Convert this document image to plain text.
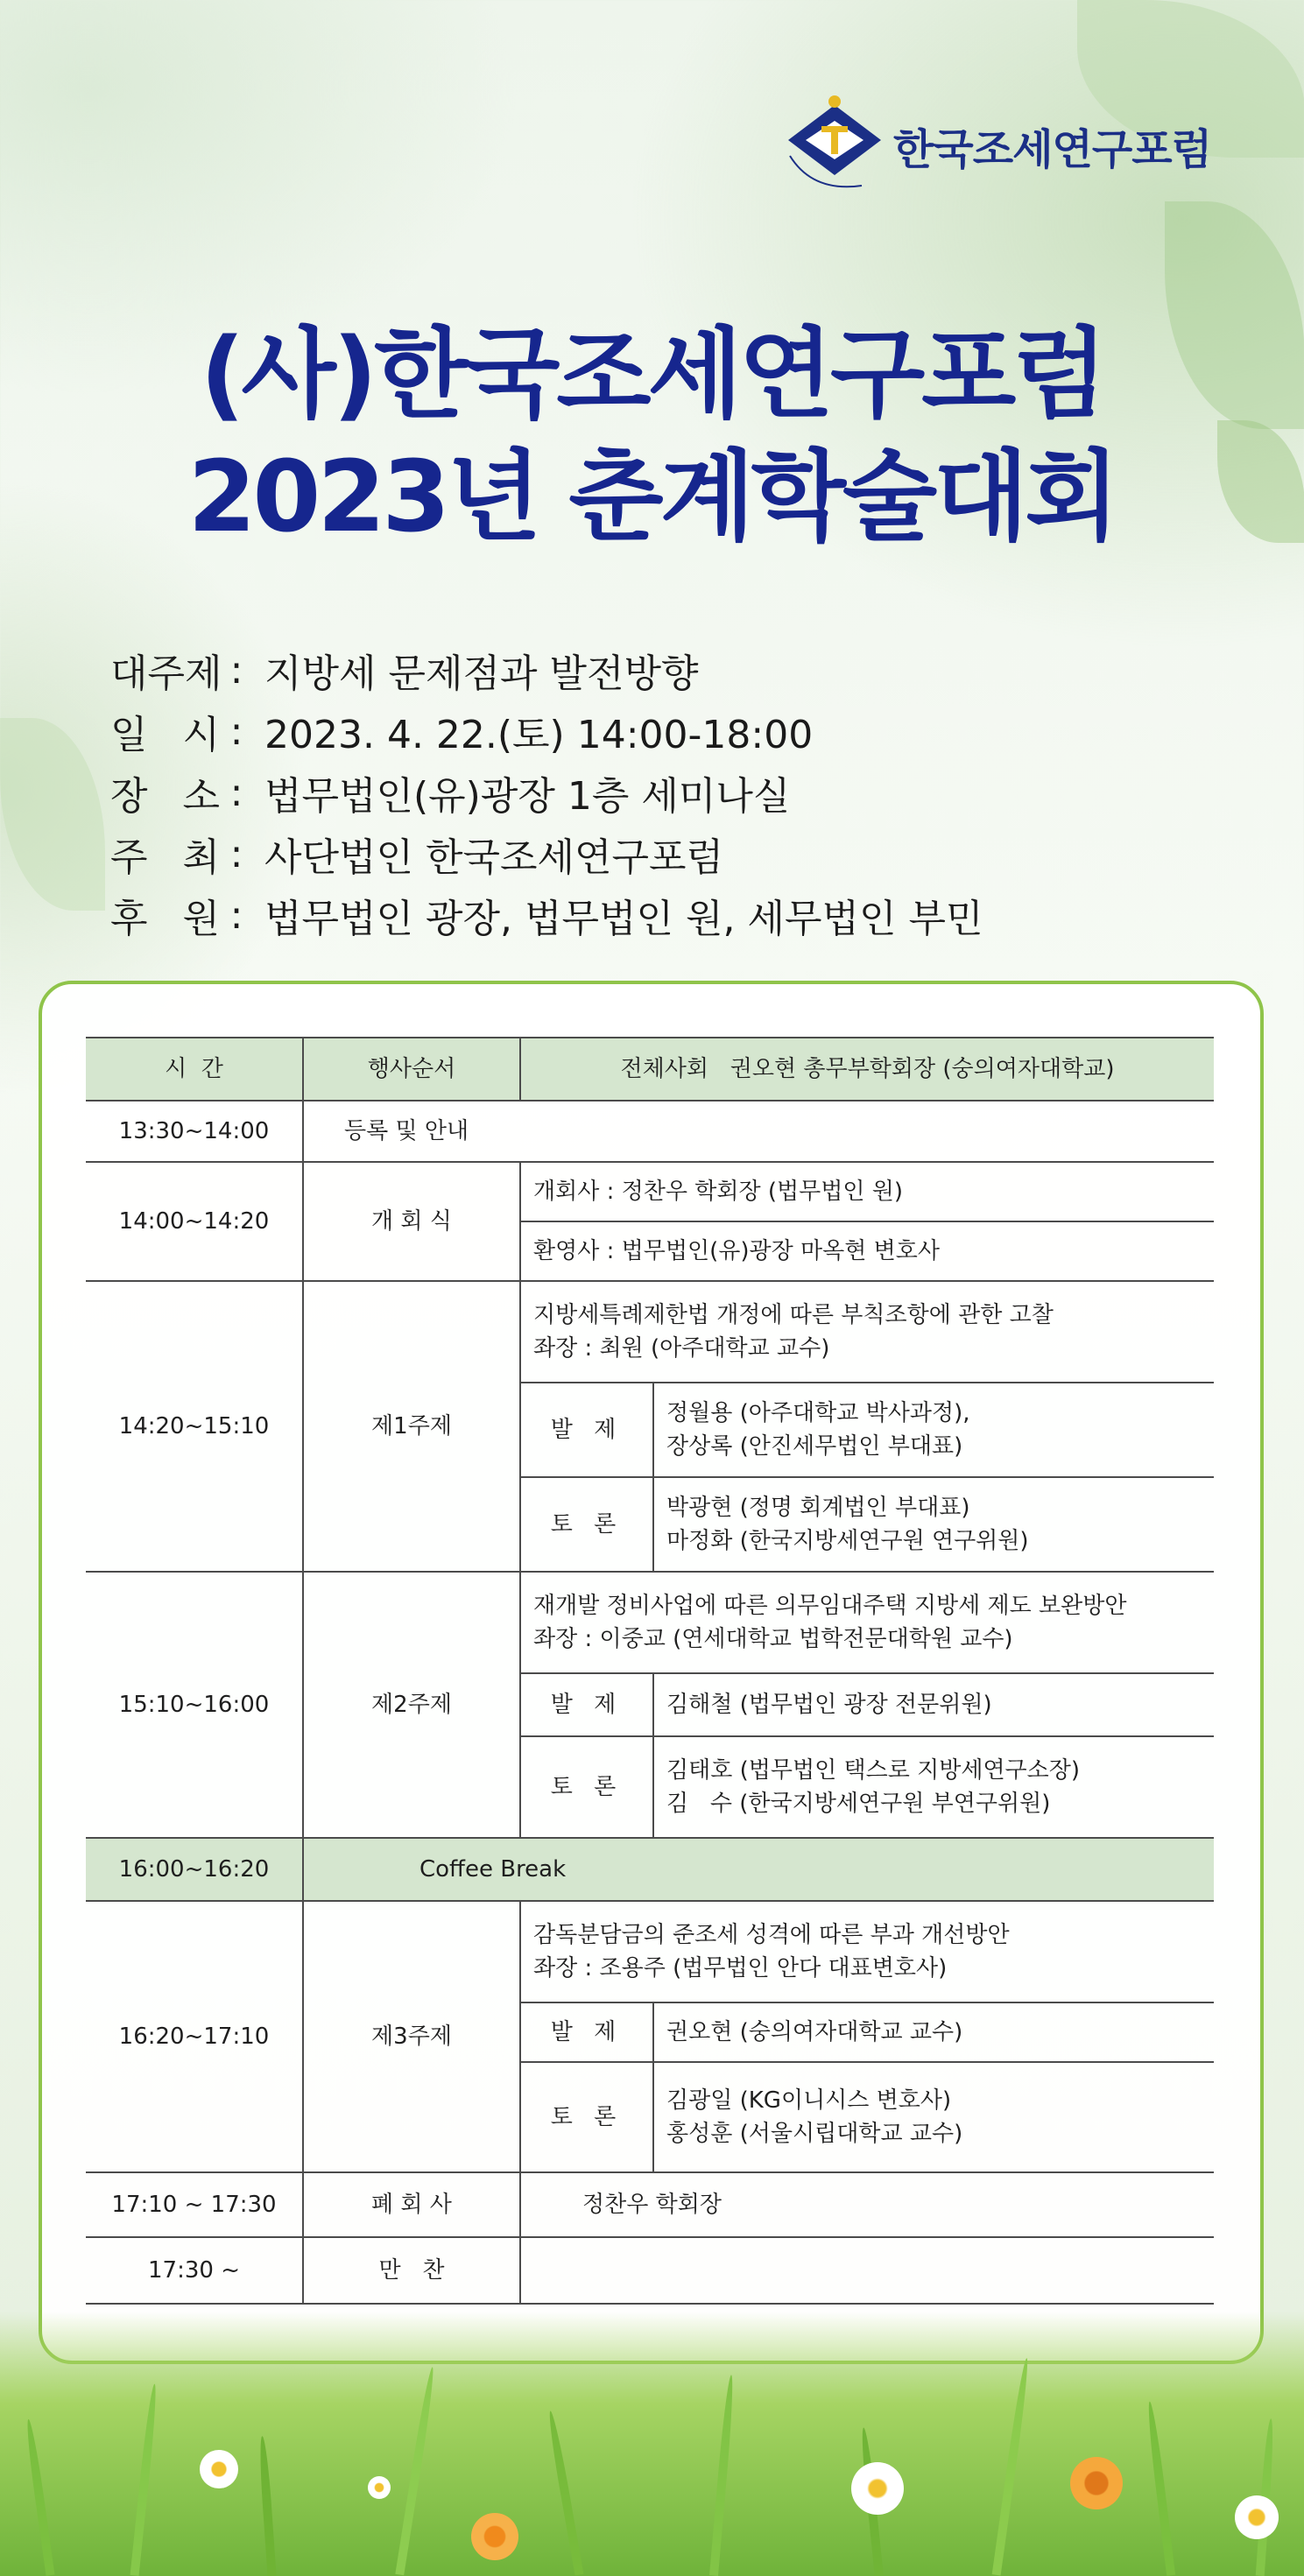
한국조세연구포럼
(사)한국조세연구포럼
2023년 춘계학술대회
대주제 : 지방세 문제점과 발전방향
일 시 : 2023. 4. 22.(토) 14:00-18:00
장 소 : 법무법인(유)광장 1층 세미나실
주 최 : 사단법인 한국조세연구포럼
후 원 : 법무법인 광장, 법무법인 원, 세무법인 부민
시  간	행사순서	전체사회   권오현 총무부학회장 (숭의여자대학교)	
13:30~14:00	등록 및 안내		
14:00~14:20	개 회 식	개회사 : 정찬우 학회장 (법무법인 원)	
		환영사 : 법무법인(유)광장 마옥현 변호사	
14:20~15:10	제1주제	지방세특례제한법 개정에 따른 부칙조항에 관한 고찰
좌장 : 최원 (아주대학교 교수)	

		발 제	정월용 (아주대학교 박사과정),
장상록 (안진세무법인 부대표)

		토 론	박광현 (정명 회계법인 부대표)
마정화 (한국지방세연구원 연구위원)

15:10~16:00	제2주제	재개발 정비사업에 따른 의무임대주택 지방세 제도 보완방안
좌장 : 이중교 (연세대학교 법학전문대학원 교수)	

		발 제	김해철 (법무법인 광장 전문위원)
		토 론	김태호 (법무법인 택스로 지방세연구소장)
김   수 (한국지방세연구원 부연구위원)

16:00~16:20	Coffee Break		
16:20~17:10	제3주제	감독분담금의 준조세 성격에 따른 부과 개선방안
좌장 : 조용주 (법무법인 안다 대표변호사)	

		발 제	권오현 (숭의여자대학교 교수)
		토 론	김광일 (KG이니시스 변호사)
홍성훈 (서울시립대학교 교수)

17:10 ~ 17:30	폐 회 사	정찬우 학회장	
17:30 ~	만   찬		
